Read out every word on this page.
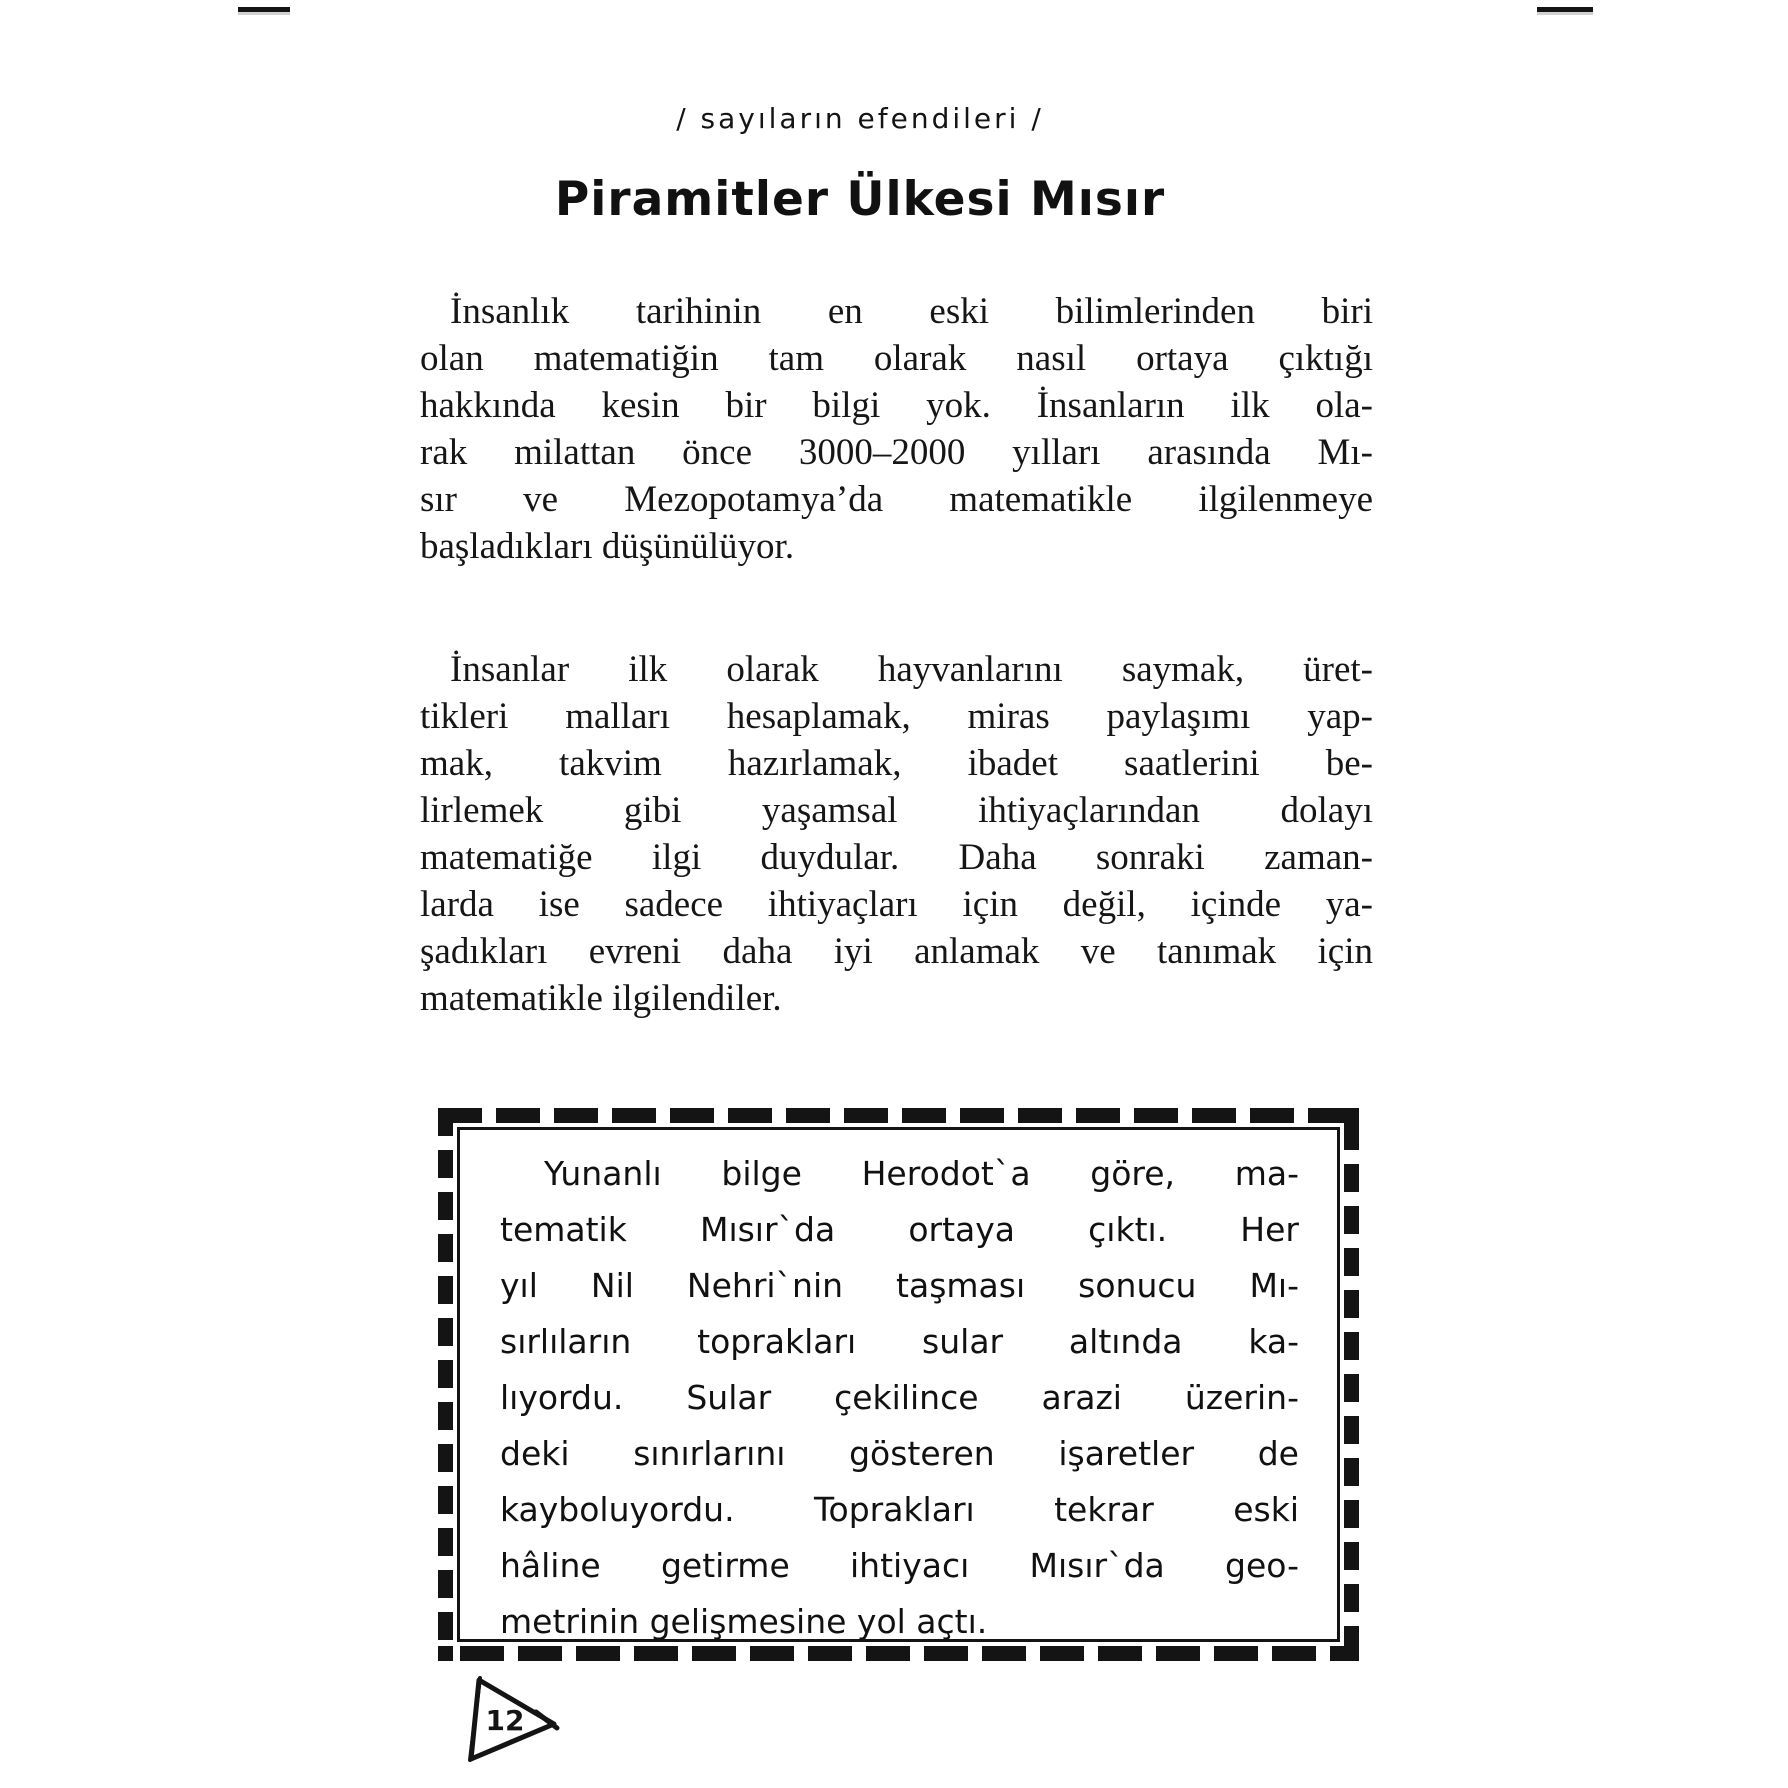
/ sayıların efendileri /
Piramitler Ülkesi Mısır
İnsanlık tarihinin en eski bilimlerinden biri
olan matematiğin tam olarak nasıl ortaya çıktığı
hakkında kesin bir bilgi yok. İnsanların ilk ola-
rak milattan önce 3000–2000 yılları arasında Mı-
sır ve Mezopotamya’da matematikle ilgilenmeye
başladıkları düşünülüyor.
İnsanlar ilk olarak hayvanlarını saymak, üret-
tikleri malları hesaplamak, miras paylaşımı yap-
mak, takvim hazırlamak, ibadet saatlerini be-
lirlemek gibi yaşamsal ihtiyaçlarından dolayı
matematiğe ilgi duydular. Daha sonraki zaman-
larda ise sadece ihtiyaçları için değil, içinde ya-
şadıkları evreni daha iyi anlamak ve tanımak için
matematikle ilgilendiler.
Yunanlı bilge Herodot`a göre, ma-
tematik Mısır`da ortaya çıktı. Her
yıl Nil Nehri`nin taşması sonucu Mı-
sırlıların toprakları sular altında ka-
lıyordu. Sular çekilince arazi üzerin-
deki sınırlarını gösteren işaretler de
kayboluyordu. Toprakları tekrar eski
hâline getirme ihtiyacı Mısır`da geo-
metrinin gelişmesine yol açtı.
12
